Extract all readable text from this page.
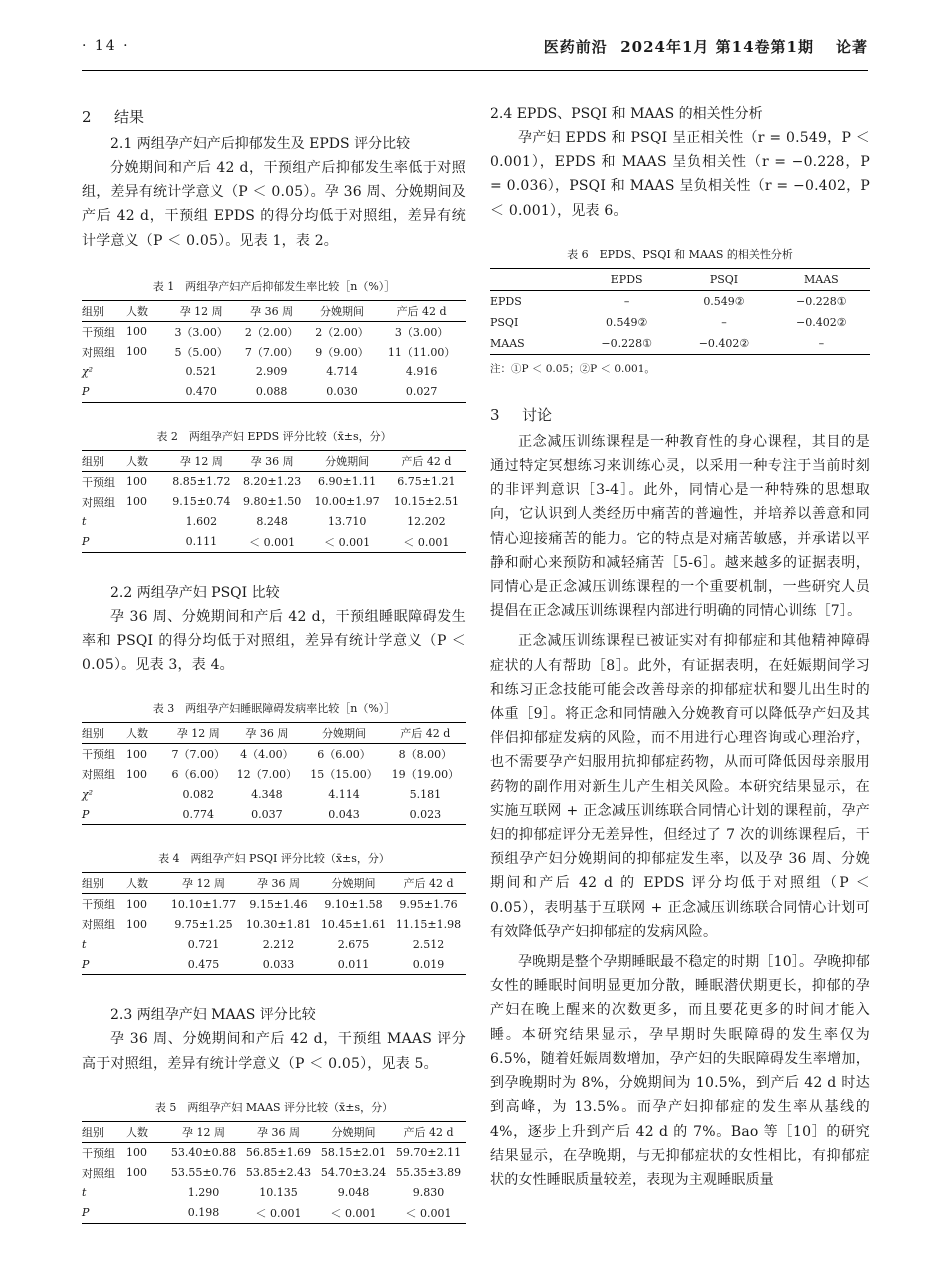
· 14 ·	医药前沿 2024年1月 第14卷第1期 论著
2 结果
2.1 两组孕产妇产后抑郁发生及 EPDS 评分比较

分娩期间和产后 42 d，干预组产后抑郁发生率低于对照组，差异有统计学意义（P ＜ 0.05）。孕 36 周、分娩期间及产后 42 d，干预组 EPDS 的得分均低于对照组，差异有统计学意义（P ＜ 0.05）。见表 1，表 2。

表 1　两组孕产妇产后抑郁发生率比较［n（%）］
组别	人数	孕 12 周	孕 36 周	分娩期间	产后 42 d
干预组	100	3（3.00）	2（2.00）	2（2.00）	3（3.00）
对照组	100	5（5.00）	7（7.00）	9（9.00）	11（11.00）
χ²		0.521	2.909	4.714	4.916
P		0.470	0.088	0.030	0.027
表 2　两组孕产妇 EPDS 评分比较（x̄±s，分）
组别	人数	孕 12 周	孕 36 周	分娩期间	产后 42 d
干预组	100	8.85±1.72	8.20±1.23	6.90±1.11	6.75±1.21
对照组	100	9.15±0.74	9.80±1.50	10.00±1.97	10.15±2.51
t		1.602	8.248	13.710	12.202
P		0.111	＜ 0.001	＜ 0.001	＜ 0.001
2.2 两组孕产妇 PSQI 比较

孕 36 周、分娩期间和产后 42 d，干预组睡眠障碍发生率和 PSQI 的得分均低于对照组，差异有统计学意义（P ＜ 0.05）。见表 3，表 4。

表 3　两组孕产妇睡眠障碍发病率比较［n（%）］
组别	人数	孕 12 周	孕 36 周	分娩期间	产后 42 d
干预组	100	7（7.00）	4（4.00）	6（6.00）	8（8.00）
对照组	100	6（6.00）	12（7.00）	15（15.00）	19（19.00）
χ²		0.082	4.348	4.114	5.181
P		0.774	0.037	0.043	0.023
表 4　两组孕产妇 PSQI 评分比较（x̄±s，分）
组别	人数	孕 12 周	孕 36 周	分娩期间	产后 42 d
干预组	100	10.10±1.77	9.15±1.46	9.10±1.58	9.95±1.76
对照组	100	9.75±1.25	10.30±1.81	10.45±1.61	11.15±1.98
t		0.721	2.212	2.675	2.512
P		0.475	0.033	0.011	0.019
2.3 两组孕产妇 MAAS 评分比较

孕 36 周、分娩期间和产后 42 d，干预组 MAAS 评分高于对照组，差异有统计学意义（P ＜ 0.05），见表 5。

表 5　两组孕产妇 MAAS 评分比较（x̄±s，分）
组别	人数	孕 12 周	孕 36 周	分娩期间	产后 42 d
干预组	100	53.40±0.88	56.85±1.69	58.15±2.01	59.70±2.11
对照组	100	53.55±0.76	53.85±2.43	54.70±3.24	55.35±3.89
t		1.290	10.135	9.048	9.830
P		0.198	＜ 0.001	＜ 0.001	＜ 0.001
2.4 EPDS、PSQI 和 MAAS 的相关性分析

孕产妇 EPDS 和 PSQI 呈正相关性（r = 0.549，P ＜ 0.001），EPDS 和 MAAS 呈负相关性（r = −0.228，P = 0.036），PSQI 和 MAAS 呈负相关性（r = −0.402，P ＜ 0.001），见表 6。

表 6　EPDS、PSQI 和 MAAS 的相关性分析
	EPDS	PSQI	MAAS
EPDS	–	0.549②	−0.228①
PSQI	0.549②	–	−0.402②
MAAS	−0.228①	−0.402②	–
注：①P ＜ 0.05；②P ＜ 0.001。
3 讨论

正念减压训练课程是一种教育性的身心课程，其目的是通过特定冥想练习来训练心灵，以采用一种专注于当前时刻的非评判意识［3-4］。此外，同情心是一种特殊的思想取向，它认识到人类经历中痛苦的普遍性，并培养以善意和同情心迎接痛苦的能力。它的特点是对痛苦敏感，并承诺以平静和耐心来预防和减轻痛苦［5-6］。越来越多的证据表明，同情心是正念减压训练课程的一个重要机制，一些研究人员提倡在正念减压训练课程内部进行明确的同情心训练［7］。

正念减压训练课程已被证实对有抑郁症和其他精神障碍症状的人有帮助［8］。此外，有证据表明，在妊娠期间学习和练习正念技能可能会改善母亲的抑郁症状和婴儿出生时的体重［9］。将正念和同情融入分娩教育可以降低孕产妇及其伴侣抑郁症发病的风险，而不用进行心理咨询或心理治疗，也不需要孕产妇服用抗抑郁症药物，从而可降低因母亲服用药物的副作用对新生儿产生相关风险。本研究结果显示，在实施互联网 + 正念减压训练联合同情心计划的课程前，孕产妇的抑郁症评分无差异性，但经过了 7 次的训练课程后，干预组孕产妇分娩期间的抑郁症发生率，以及孕 36 周、分娩期间和产后 42 d 的 EPDS 评分均低于对照组（P ＜ 0.05），表明基于互联网 + 正念减压训练联合同情心计划可有效降低孕产妇抑郁症的发病风险。

孕晚期是整个孕期睡眠最不稳定的时期［10］。孕晚抑郁女性的睡眠时间明显更加分散，睡眠潜伏期更长，抑郁的孕产妇在晚上醒来的次数更多，而且要花更多的时间才能入睡。本研究结果显示，孕早期时失眠障碍的发生率仅为 6.5%，随着妊娠周数增加，孕产妇的失眠障碍发生率增加，到孕晚期时为 8%，分娩期间为 10.5%，到产后 42 d 时达到高峰，为 13.5%。而孕产妇抑郁症的发生率从基线的 4%，逐步上升到产后 42 d 的 7%。Bao 等［10］的研究结果显示，在孕晚期，与无抑郁症状的女性相比，有抑郁症状的女性睡眠质量较差，表现为主观睡眠质量
